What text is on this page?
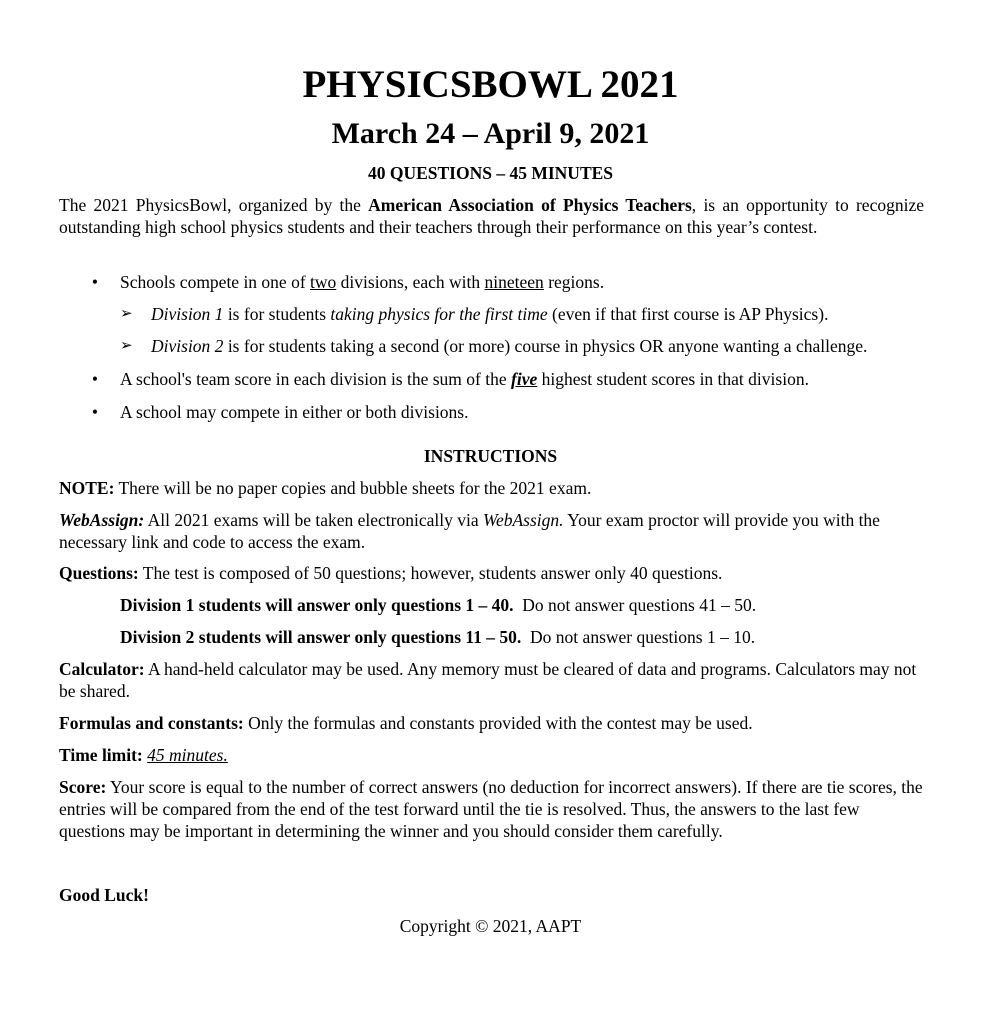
PHYSICSBOWL 2021
March 24 – April 9, 2021
40 QUESTIONS – 45 MINUTES
The 2021 PhysicsBowl, organized by the American Association of Physics Teachers, is an opportunity to recognize outstanding high school physics students and their teachers through their performance on this year’s contest.
• Schools compete in one of two divisions, each with nineteen regions.
➢ Division 1 is for students taking physics for the first time (even if that first course is AP Physics).
➢ Division 2 is for students taking a second (or more) course in physics OR anyone wanting a challenge.
• A school's team score in each division is the sum of the five highest student scores in that division.
• A school may compete in either or both divisions.
INSTRUCTIONS
NOTE: There will be no paper copies and bubble sheets for the 2021 exam.
WebAssign: All 2021 exams will be taken electronically via WebAssign. Your exam proctor will provide you with the necessary link and code to access the exam.
Questions: The test is composed of 50 questions; however, students answer only 40 questions.
Division 1 students will answer only questions 1 – 40.  Do not answer questions 41 – 50.
Division 2 students will answer only questions 11 – 50.  Do not answer questions 1 – 10.
Calculator: A hand-held calculator may be used. Any memory must be cleared of data and programs. Calculators may not be shared.
Formulas and constants: Only the formulas and constants provided with the contest may be used.
Time limit: 45 minutes.
Score: Your score is equal to the number of correct answers (no deduction for incorrect answers). If there are tie scores, the entries will be compared from the end of the test forward until the tie is resolved. Thus, the answers to the last few questions may be important in determining the winner and you should consider them carefully.
Good Luck!
Copyright © 2021, AAPT
